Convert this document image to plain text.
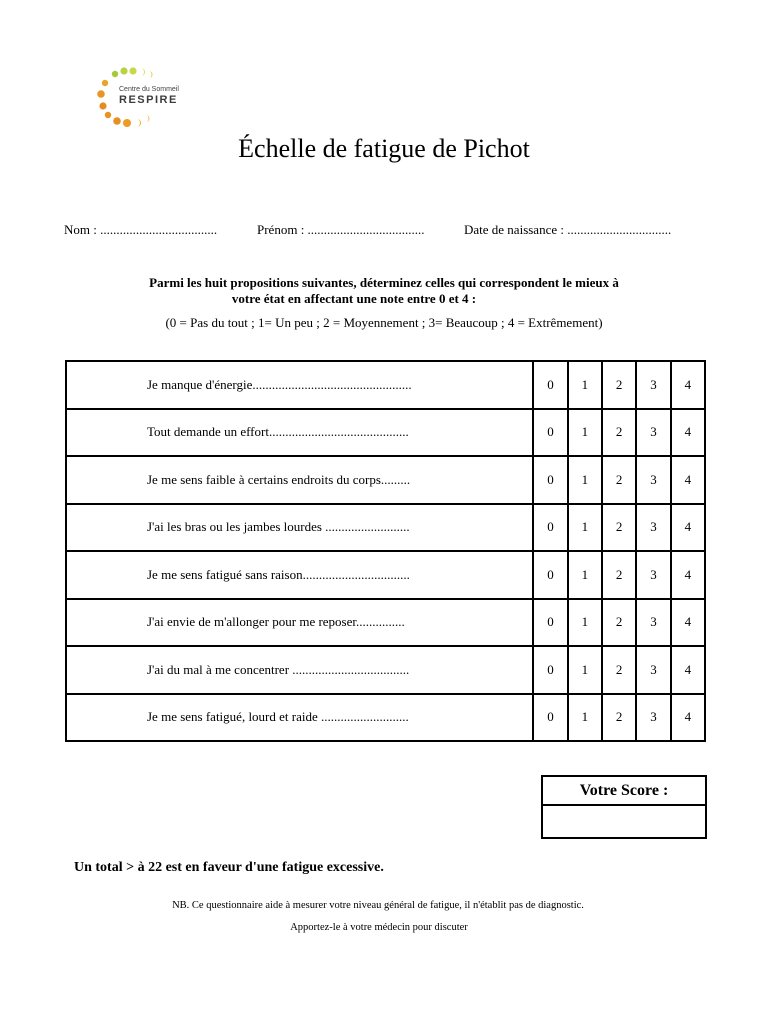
Centre du Sommeil
RESPIRE
Échelle de fatigue de Pichot
Nom : ....................................	Prénom : ....................................	Date de naissance : ................................
Parmi les huit propositions suivantes, déterminez celles qui correspondent le mieux à
votre état en affectant une note entre 0 et 4 :
(0 = Pas du tout ; 1= Un peu ; 2 = Moyennement ; 3= Beaucoup ; 4 = Extrêmement)
Je manque d'énergie.................................................	0	1	2	3	4
Tout demande un effort...........................................	0	1	2	3	4
Je me sens faible à certains endroits du corps.........	0	1	2	3	4
J'ai les bras ou les jambes lourdes ..........................	0	1	2	3	4
Je me sens fatigué sans raison.................................	0	1	2	3	4
J'ai envie de m'allonger pour me reposer...............	0	1	2	3	4
J'ai du mal à me concentrer ....................................	0	1	2	3	4
Je me sens fatigué, lourd et raide ...........................	0	1	2	3	4
Votre Score :

Un total > à 22 est en faveur d'une fatigue excessive.
NB. Ce questionnaire aide à mesurer votre niveau général de fatigue, il n'établit pas de diagnostic.
Apportez-le à votre médecin pour discuter
